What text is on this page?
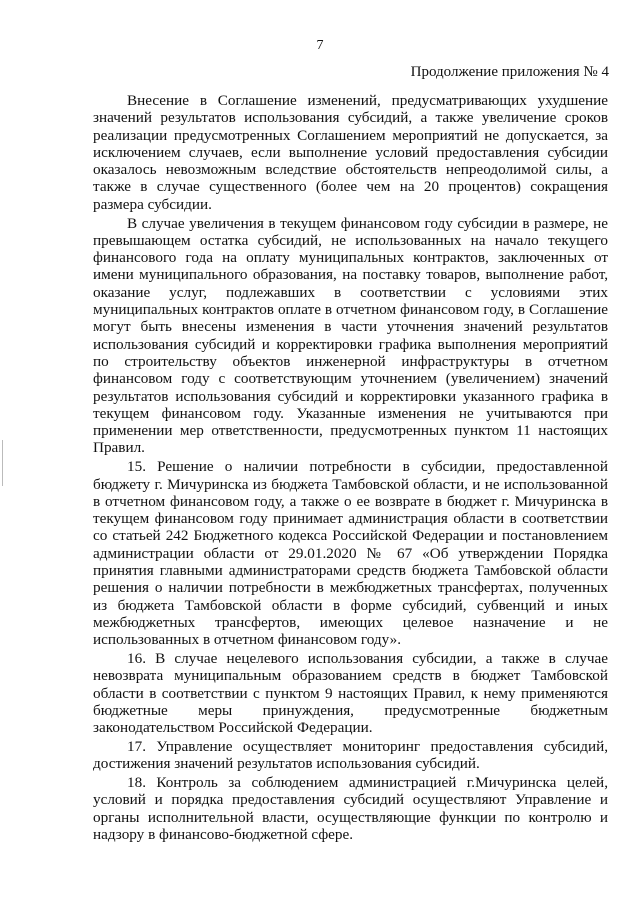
7
Продолжение приложения № 4

Внесение в Соглашение изменений, предусматривающих ухудшение значений результатов использования субсидий, а также увеличение сроков реализации предусмотренных Соглашением мероприятий не допускается, за исключением случаев, если выполнение условий предоставления субсидии оказалось невозможным вследствие обстоятельств непреодолимой силы, а также в случае существенного (более чем на 20 процентов) сокращения размера субсидии.

В случае увеличения в текущем финансовом году субсидии в размере, не превышающем остатка субсидий, не использованных на начало текущего финансового года на оплату муниципальных контрактов, заключенных от имени муниципального образования, на поставку товаров, выполнение работ, оказание услуг, подлежавших в соответствии с условиями этих муниципальных контрактов оплате в отчетном финансовом году, в Соглашение могут быть внесены изменения в части уточнения значений результатов использования субсидий и корректировки графика выполнения мероприятий по строительству объектов инженерной инфраструктуры в отчетном финансовом году с соответствующим уточнением (увеличением) значений результатов использования субсидий и корректировки указанного графика в текущем финансовом году. Указанные изменения не учитываются при применении мер ответственности, предусмотренных пунктом 11 настоящих Правил.

15. Решение о наличии потребности в субсидии, предоставленной бюджету г. Мичуринска из бюджета Тамбовской области, и не использованной в отчетном финансовом году, а также о ее возврате в бюджет г. Мичуринска в текущем финансовом году принимает администрация области в соответствии со статьей 242 Бюджетного кодекса Российской Федерации и постановлением администрации области от 29.01.2020 № 67 «Об утверждении Порядка принятия главными администраторами средств бюджета Тамбовской области решения о наличии потребности в межбюджетных трансфертах, полученных из бюджета Тамбовской области в форме субсидий, субвенций и иных межбюджетных трансфертов, имеющих целевое назначение и не использованных в отчетном финансовом году».

16. В случае нецелевого использования субсидии, а также в случае невозврата муниципальным образованием средств в бюджет Тамбовской области в соответствии с пунктом 9 настоящих Правил, к нему применяются бюджетные меры принуждения, предусмотренные бюджетным законодательством Российской Федерации.

17. Управление осуществляет мониторинг предоставления субсидий, достижения значений результатов использования субсидий.

18. Контроль за соблюдением администрацией г.Мичуринска целей, условий и порядка предоставления субсидий осуществляют Управление и органы исполнительной власти, осуществляющие функции по контролю и надзору в финансово-бюджетной сфере.
